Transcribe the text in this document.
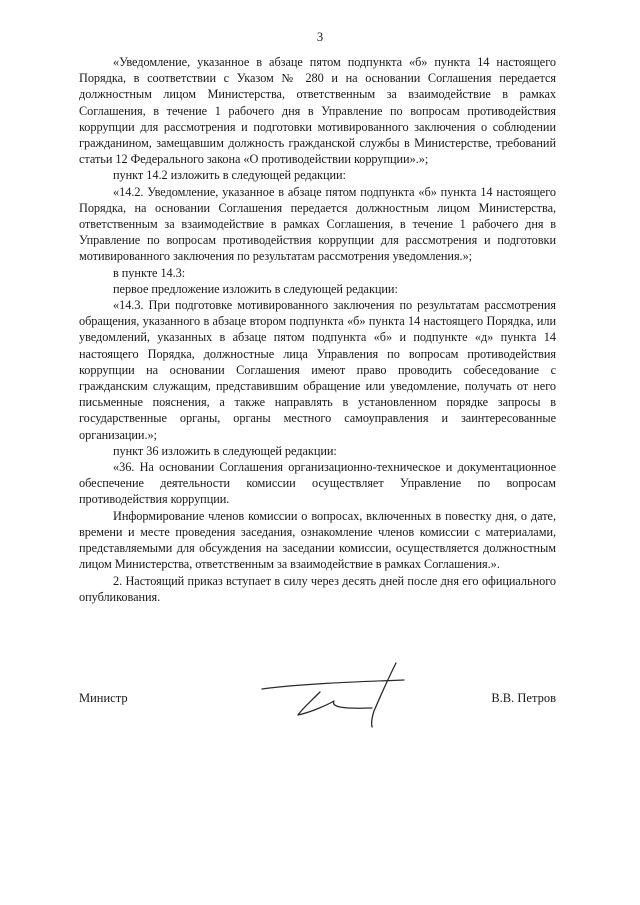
3

«Уведомление, указанное в абзаце пятом подпункта «б» пункта 14 настоящего Порядка, в соответствии с Указом № 280 и на основании Соглашения передается должностным лицом Министерства, ответственным за взаимодействие в рамках Соглашения, в течение 1 рабочего дня в Управление по вопросам противодействия коррупции для рассмотрения и подготовки мотивированного заключения о соблюдении гражданином, замещавшим должность гражданской службы в Министерстве, требований статьи 12 Федерального закона «О противодействии коррупции».»;

пункт 14.2 изложить в следующей редакции:

«14.2. Уведомление, указанное в абзаце пятом подпункта «б» пункта 14 настоящего Порядка, на основании Соглашения передается должностным лицом Министерства, ответственным за взаимодействие в рамках Соглашения, в течение 1 рабочего дня в Управление по вопросам противодействия коррупции для рассмотрения и подготовки мотивированного заключения по результатам рассмотрения уведомления.»;

в пункте 14.3:

первое предложение изложить в следующей редакции:

«14.3. При подготовке мотивированного заключения по результатам рассмотрения обращения, указанного в абзаце втором подпункта «б» пункта 14 настоящего Порядка, или уведомлений, указанных в абзаце пятом подпункта «б» и подпункте «д» пункта 14 настоящего Порядка, должностные лица Управления по вопросам противодействия коррупции на основании Соглашения имеют право проводить собеседование с гражданским служащим, представившим обращение или уведомление, получать от него письменные пояснения, а также направлять в установленном порядке запросы в государственные органы, органы местного самоуправления и заинтересованные организации.»;

пункт 36 изложить в следующей редакции:

«36. На основании Соглашения организационно-техническое и документационное обеспечение деятельности комиссии осуществляет Управление по вопросам противодействия коррупции.

Информирование членов комиссии о вопросах, включенных в повестку дня, о дате, времени и месте проведения заседания, ознакомление членов комиссии с материалами, представляемыми для обсуждения на заседании комиссии, осуществляется должностным лицом Министерства, ответственным за взаимодействие в рамках Соглашения.».

2. Настоящий приказ вступает в силу через десять дней после дня его официального опубликования.

Министр	В.В. Петров
